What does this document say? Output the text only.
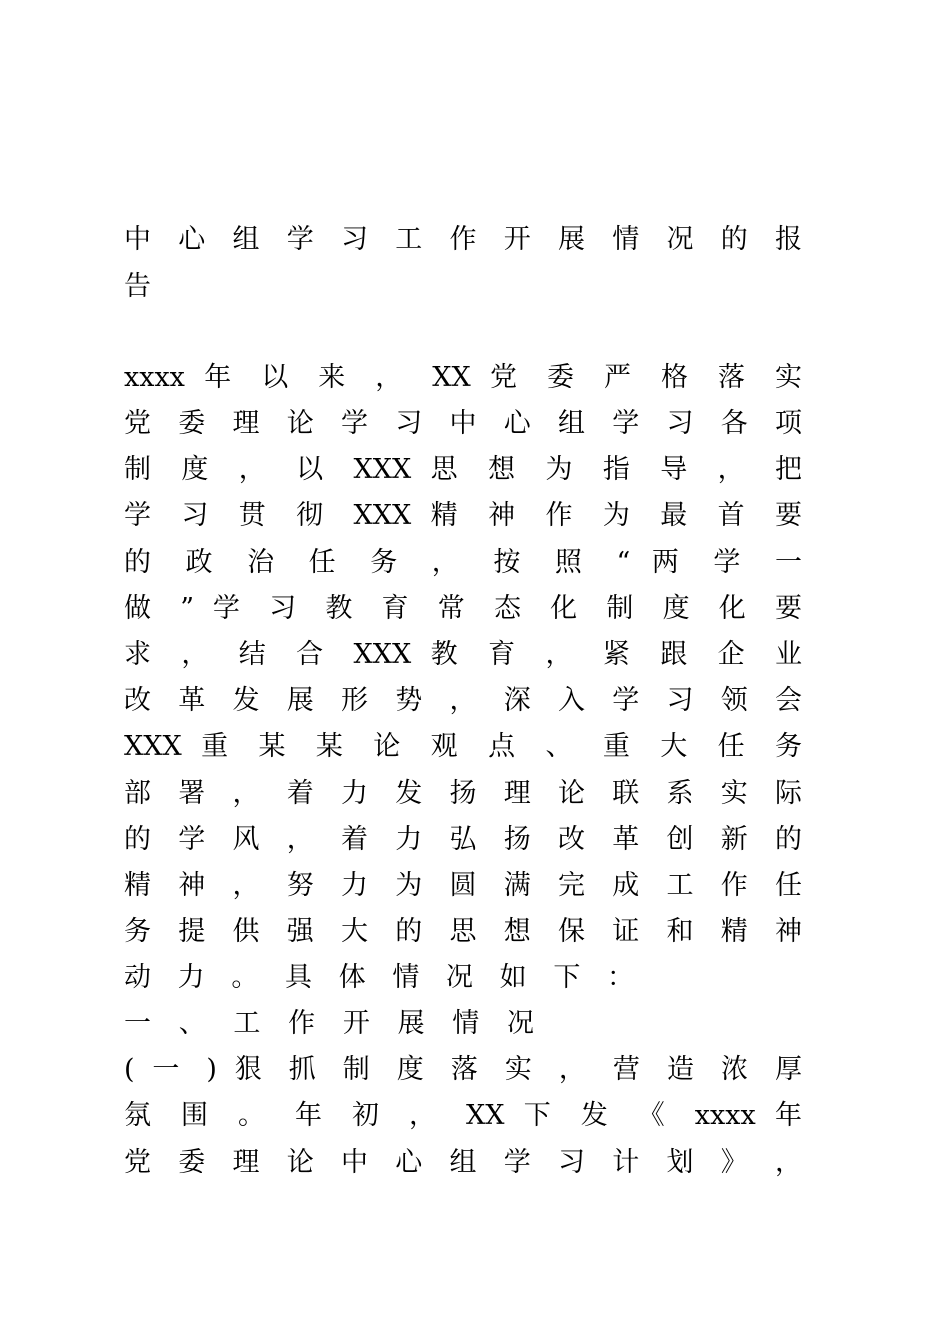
中 心 组 学 习 工 作 开 展 情 况 的 报
告
xxxx 年 以 来 ， XX 党 委 严 格 落 实
党 委 理 论 学 习 中 心 组 学 习 各 项
制 度 ， 以 XXX 思 想 为 指 导 ， 把
学 习 贯 彻 XXX 精 神 作 为 最 首 要
的 政 治 任 务 ， 按 照 “ 两 学 一
做 ” 学 习 教 育 常 态 化 制 度 化 要
求 ， 结 合 XXX 教 育 ， 紧 跟 企 业
改 革 发 展 形 势 ， 深 入 学 习 领 会
XXX 重 某 某 论 观 点 、 重 大 任 务
部 署 ， 着 力 发 扬 理 论 联 系 实 际
的 学 风 ， 着 力 弘 扬 改 革 创 新 的
精 神 ， 努 力 为 圆 满 完 成 工 作 任
务 提 供 强 大 的 思 想 保 证 和 精 神
动 力 。 具 体 情 况 如 下 ：
一 、 工 作 开 展 情 况
( 一 ) 狠 抓 制 度 落 实 ， 营 造 浓 厚
氛 围 。 年 初 ， XX 下 发 《 xxxx 年
党 委 理 论 中 心 组 学 习 计 划 》 ，
